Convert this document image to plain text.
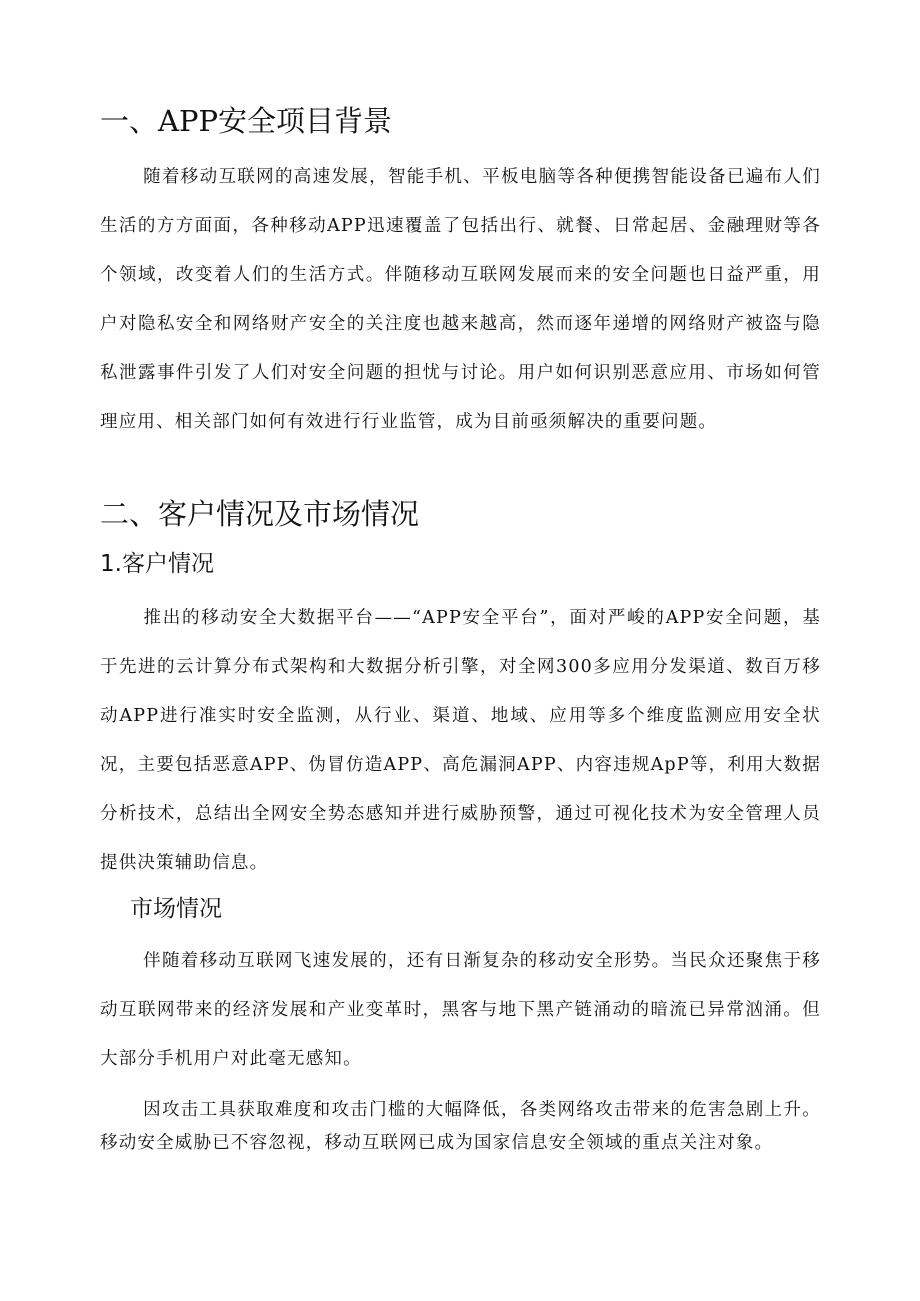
一、APP安全项目背景

随着移动互联网的高速发展，智能手机、平板电脑等各种便携智能设备已遍布人们生活的方方面面，各种移动APP迅速覆盖了包括出行、就餐、日常起居、金融理财等各个领域，改变着人们的生活方式。伴随移动互联网发展而来的安全问题也日益严重，用户对隐私安全和网络财产安全的关注度也越来越高，然而逐年递增的网络财产被盗与隐私泄露事件引发了人们对安全问题的担忧与讨论。用户如何识别恶意应用、市场如何管理应用、相关部门如何有效进行行业监管，成为目前亟须解决的重要问题。

二、客户情况及市场情况
1.客户情况

推出的移动安全大数据平台——“APP安全平台”，面对严峻的APP安全问题，基于先进的云计算分布式架构和大数据分析引擎，对全网300多应用分发渠道、数百万移动APP进行准实时安全监测，从行业、渠道、地域、应用等多个维度监测应用安全状况，主要包括恶意APP、伪冒仿造APP、高危漏洞APP、内容违规ApP等，利用大数据分析技术，总结出全网安全势态感知并进行威胁预警，通过可视化技术为安全管理人员提供决策辅助信息。

市场情况

伴随着移动互联网飞速发展的，还有日渐复杂的移动安全形势。当民众还聚焦于移动互联网带来的经济发展和产业变革时，黑客与地下黑产链涌动的暗流已异常汹涌。但大部分手机用户对此毫无感知。

因攻击工具获取难度和攻击门槛的大幅降低，各类网络攻击带来的危害急剧上升。移动安全威胁已不容忽视，移动互联网已成为国家信息安全领域的重点关注对象。
